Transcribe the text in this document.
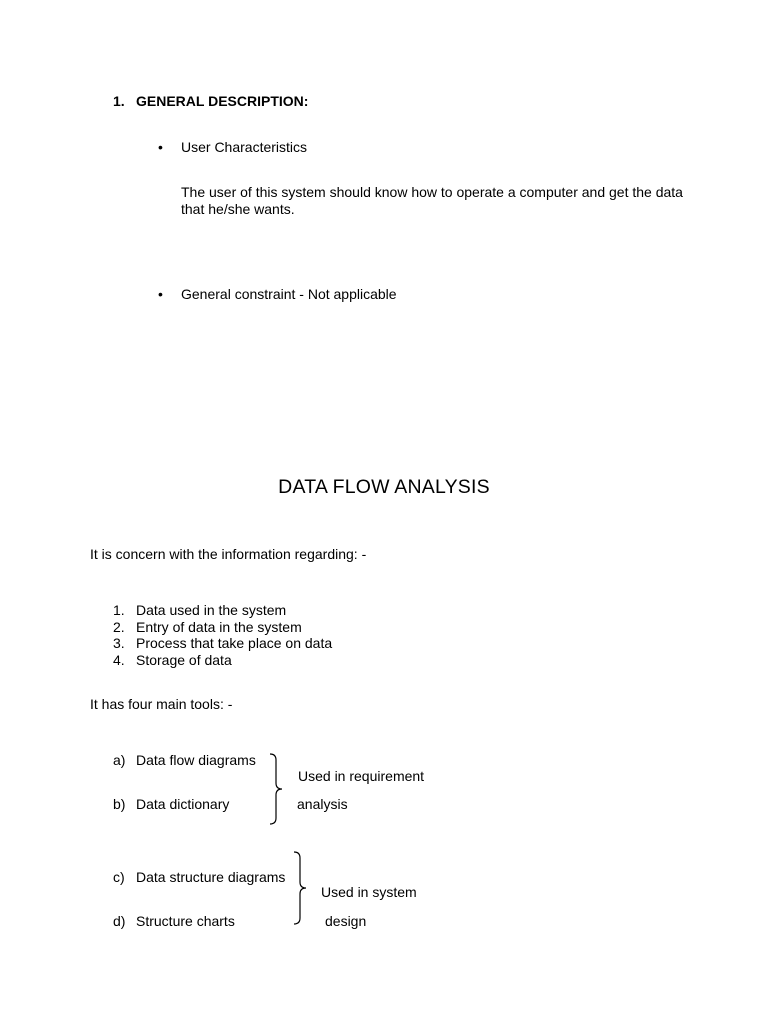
1. GENERAL DESCRIPTION:
• User Characteristics
The user of this system should know how to operate a computer and get the data
that he/she wants.
• General constraint - Not applicable
DATA FLOW ANALYSIS
It is concern with the information regarding: -
1. Data used in the system
2. Entry of data in the system
3. Process that take place on data
4. Storage of data
It has four main tools: -
a) Data flow diagrams
b) Data dictionary
Used in requirement
analysis
c) Data structure diagrams
d) Structure charts
Used in system
design
